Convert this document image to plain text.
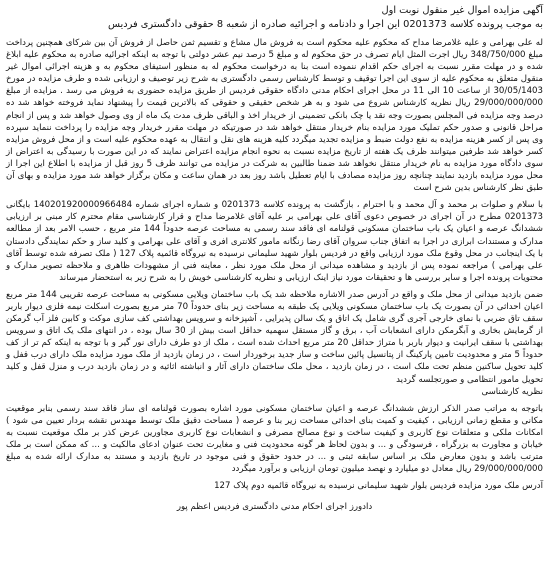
آگهی مزایده اموال غیر منقول نوبت اول

به موجب پرونده کلاسه 0201373 این اجرا و دادنامه و اجرائیه صادره از شعبه 8 حقوقی دادگستری فردیس

له علی بهرامی و علیه غلامرضا مداح که محکوم علیه محکوم است به فروش مال مشاع و تقسیم ثمن حاصل از فروش آن بین شرکای همچنین پرداخت مبلغ 348/750/000 ریال اجرت المثل ایام تصرف در حق محکوم له و مبلغ 5 درصد نیم عشر دولتی با توجه به اینکه اجرائیه صادره به محکوم علیه ابلاغ شده و در مهلت مقرر نسبت به اجرای حکم اقدام ننموده است بنا به درخواست محکوم له به منظور استیفای محکوم به و هزینه اجرائی اموال غیر منقول متعلق به محکوم علیه از سوی این اجرا توقیف و توسط کارشناس رسمی دادگستری به شرح زیر توصیف و ارزیابی شده و طرف مزایده در مورخ 30/05/1403 از ساعت 10 الی 11 در محل اجرای احکام مدنی دادگاه حقوقی فردیس از طریق مزایده حضوری به فروش می رسد . مزایده از مبلغ 29/000/000/000 ریال نظریه کارشناس شروع می شود و به هر شخص حقیقی و حقوقی که بالاترین قیمت را پیشنهاد نماید فروخته خواهد شد ده درصد وجه مزایده فی المجلس بصورت وجه نقد یا چک بانکی تضمینی از خریدار اخذ و الباقی ظرف مدت یک ماه از وی وصول خواهد شد و پس از انجام مراحل قانونی و صدور حکم تملیک مورد مزایده بنام خریدار منتقل خواهد شد در صورتیکه در مهلت مقرر خریدار وجه مزایده را پرداخت ننماید سپرده وی پس از کسر هزینه مزایده به نفع دولت ضبط و مزایده تجدید میگردد کلیه هزینه های نقل و انتقال به عهده محکوم علیه است و از محل فروش مزایده کسر خواهد شد طرفین میتوانند ظرف یک هفته از تاریخ مزایده نسبت به نحوه انجام مزایده اعتراض نمایند که در این صورت با رسیدگی به اعتراض از سوی دادگاه مورد مزایده به نام خریدار منتقل نخواهد شد ضمنا طالبین به شرکت در مزایده می توانند ظرف 5 روز قبل از مزایده با اطلاع این اجرا از محل مورد مزایده بازدید نمایند چنانچه روز مزایده مصادف با ایام تعطیل باشد روز بعد در همان ساعت و مکان برگزار خواهد شد مورد مزایده و بهای آن طبق نظر کارشناس بدین شرح است

با سلام و صلوات بر محمد و آل محمد و با احترام ، بازگشت به پرونده کلاسه 0201373 و شماره اجرای شماره 140201920000966484 بایگانی 0201373 مطرح در آن اجرای در خصوص دعوی آقای علی بهرامی بر علیه آقای غلامرضا مداح و قرار کارشناسی مقام محترم کار مبنی بر ارزیابی ششدانگ عرصه و اعیان یک باب ساختمان مسکونی قولنامه ای فاقد سند رسمی به مساحت عرصه حدوداً 144 متر مربع ، حسب الامر بعد از مطالعه مدارک و مستندات ابرازی در اجرا به اتفاق جناب سروان آقای رضا زنگانه مامور کلانتری افری و آقای علی بهرامی و کلید ساز و حکم نمایندگی دادستان با یک اینجانب در محل وقوع ملک مورد ارزیابی واقع در فردیس بلوار شهید سلیمانی نرسیده به نیروگاه قائمیه پلاک 127 ( ملک تصرفه شده توسط آقای علی بهرامی ) مراجعه نموده پس از بازدید و مشاهده میدانی از محل ملک مورد نظر ، معاینه فنی از مشهودات ظاهری و ملاحظه تصویر مدارک و محتویات پرونده اجرا و سایر بررسی ها و تحقیقات مورد نیاز اینک ارزیابی و نظریه کارشناسی خویش را به شرح زیر به استحضار میرساند

ضمن بازدید میدانی از محل ملک و واقع در آدرس صدر الاشاره ملاحظه شد یک باب ساختمان ویلایی مسکونی به مساحت عرصه تقریبی 144 متر مربع اعیان احداثی در آن بصورت یک باب ساختمان مسکونی ویلایی یک طبقه به مساحت زیر بنای حدوداً 70 متر مربع بصورت اسکلت نیمه فلزی دیوار باربر سقف تاق ضربی با نمای خارجی آجری گری شامل یک اتاق و یک سالن پذیرایی ، آشپزخانه و سرویس بهداشتی کف سازی موکت و کابین فلز آب گرمکن از گرمایش بخاری و آبگرمکن دارای انشعابات آب ، برق و گاز مستقل سهمیه حداقل است بیش از 30 سال بوده ، در انتهای ملک یک اتاق و سرویس بهداشتی با سقف ایرانیت و دیوار باربر با متراژ حداقل 20 متر مربع احداث شده است ، ملک از دو طرف دارای نور گیر و با توجه به اینکه کم تر از کف حدوداً 5 متر و محدودیت تامین پارکینگ از پتانسیل پائین ساخت و ساز جدید برخوردار است ، در زمان بازدید از ملک مورد مزایده ملک دارای درب قفل و کلید تحویل ساکنین منظم تحت ملک است ، در زمان بازدید ، محل ملک ساختمان دارای آثار و انباشته اثاثیه و در زمان بازدید درب و منزل قفل و کلید تحویل مامور انتظامی و صورتجلسه گردید

نظریه کارشناسی

باتوجه به مراتب صدر الذکر ارزش ششدانگ عرصه و اعیان ساختمان مسکونی مورد اشاره بصورت قولنامه ای ساز فاقد سند رسمی بنابر موقعیت مکانی و مقطع زمانی ارزیابی ، کیفیت و کمیت بنای احداثی مساحت زیر بنا و عرصه ( مساحت دقیق ملک توسط مهندس نقشه بردار تعیین می شود ) امکانات ملکی و متعلقات نوع کاربری و کیفیت ساخت و نوع مصالح مصرفی و انشعابات نوع کاربری مجاورین عرض کذر بر ملک موقعیت نسبت به خیابان و مجاورت به بزرگراه ، فرسودگی و ... و بدون لحاظ هر گونه محدودیت فنی و مغایرت تحت عنوان ادعای مالکیت و ... که ممکن است بر ملک مترتب باشد و بدون معارض ملک بر اساس سابقه ثبتی و ... در حدود حقوق و فنی موجود در تاریخ بازدید و مستند به مدارک ارائه شده به مبلغ 29/000/000/000 ریال معادل دو میلیارد و نهصد میلیون تومان ارزیابی و برآورد میگردد

آدرس ملک مورد مزایده فردیس بلوار شهید سلیمانی نرسیده به نیروگاه قائمیه دوم پلاک 127

دادورز اجرای احکام مدنی دادگستری فردیس اعظم پور
